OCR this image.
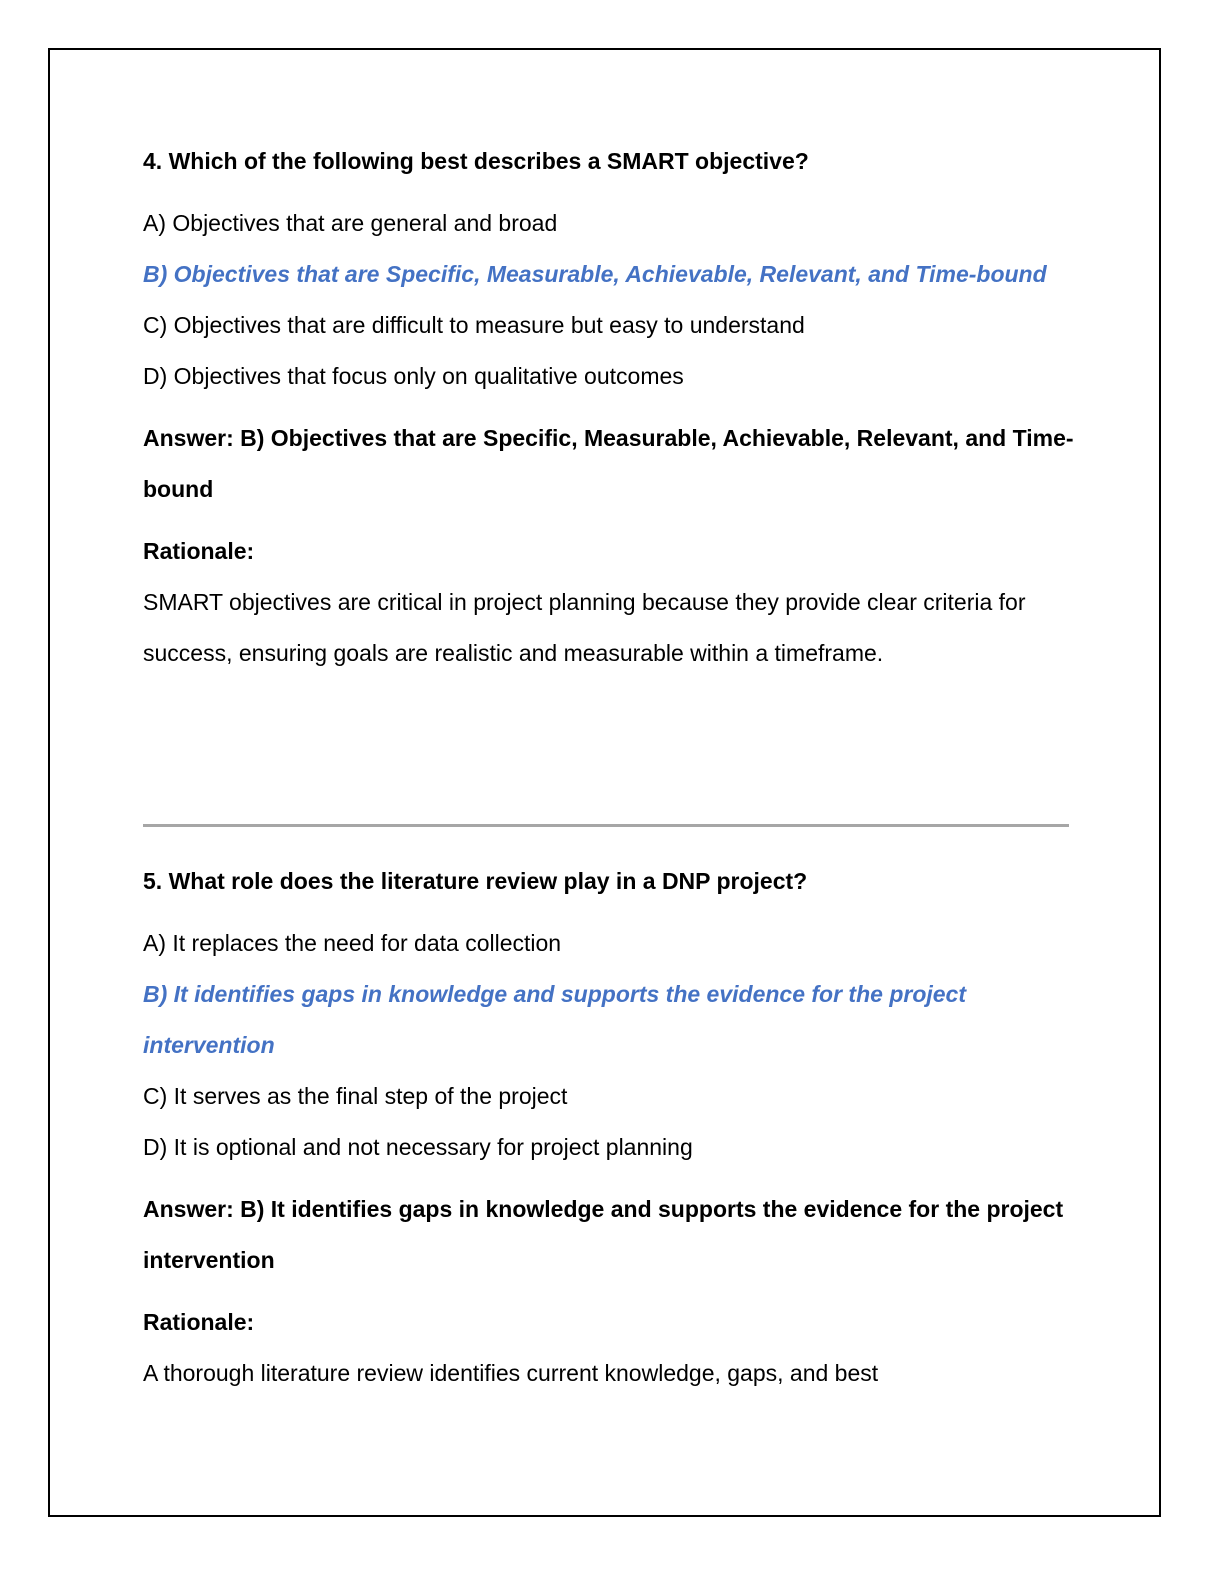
4. Which of the following best describes a SMART objective?

A) Objectives that are general and broad

B) Objectives that are Specific, Measurable, Achievable, Relevant, and Time-bound

C) Objectives that are difficult to measure but easy to understand

D) Objectives that focus only on qualitative outcomes

Answer: B) Objectives that are Specific, Measurable, Achievable, Relevant, and Time-bound

Rationale:

SMART objectives are critical in project planning because they provide clear criteria for success, ensuring goals are realistic and measurable within a timeframe.

5. What role does the literature review play in a DNP project?

A) It replaces the need for data collection

B) It identifies gaps in knowledge and supports the evidence for the project intervention

C) It serves as the final step of the project

D) It is optional and not necessary for project planning

Answer: B) It identifies gaps in knowledge and supports the evidence for the project intervention

Rationale:

A thorough literature review identifies current knowledge, gaps, and best
